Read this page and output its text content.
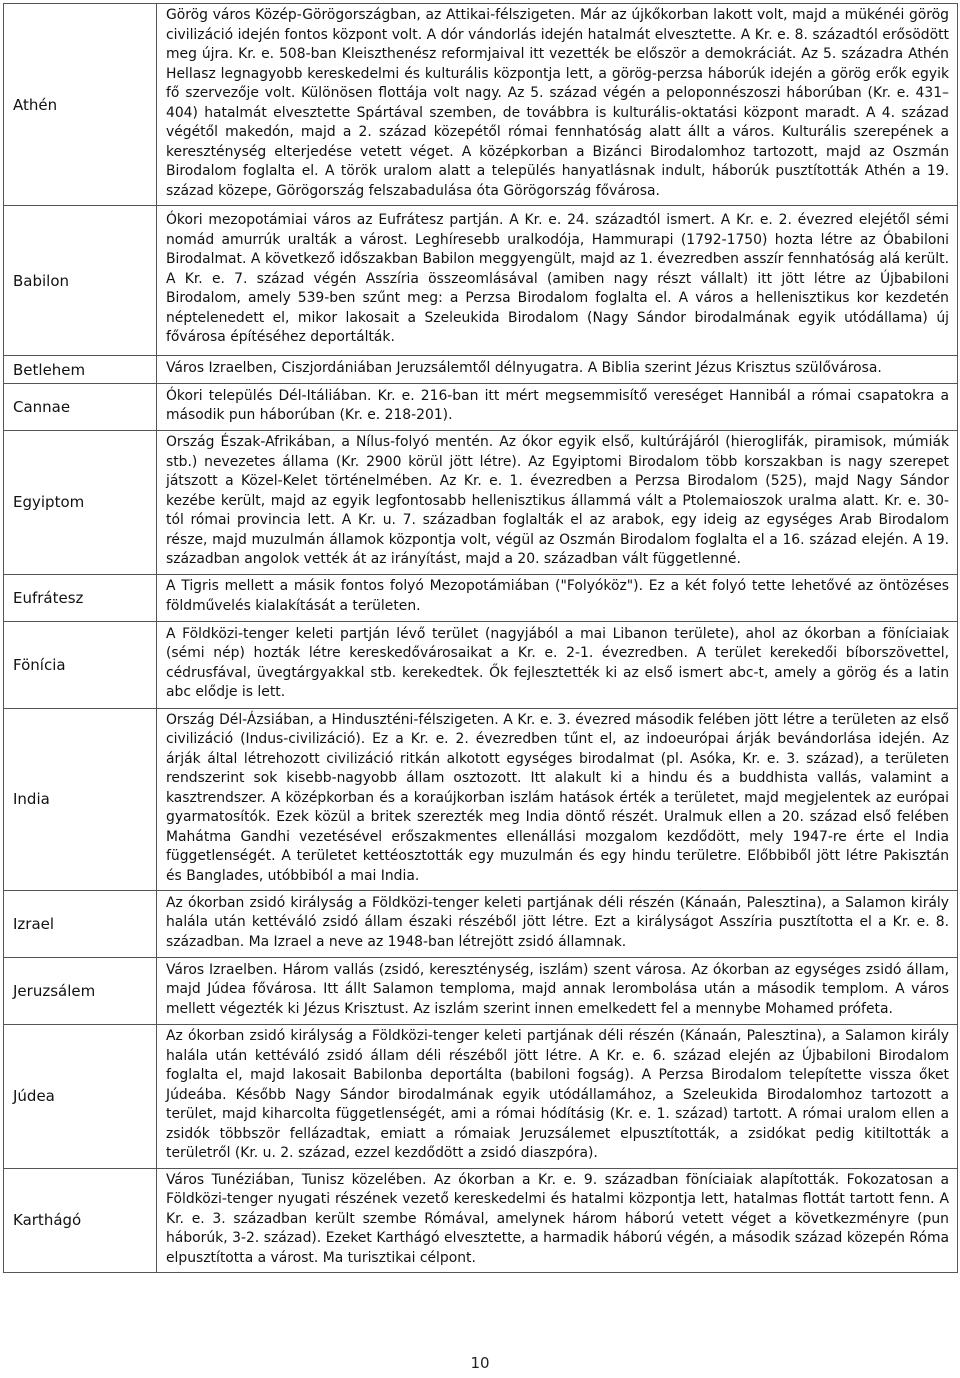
Athén	Görög város Közép-Görögországban, az Attikai-félszigeten. Már az újkőkorban lakott volt, majd a mükénéi görög civilizáció idején fontos központ volt. A dór vándorlás idején hatalmát elvesztette. A Kr. e. 8. századtól erősödött meg újra. Kr. e. 508-ban Kleiszthenész reformjaival itt vezették be először a demokráciát. Az 5. századra Athén Hellasz legnagyobb kereskedelmi és kulturális központja lett, a görög-perzsa háborúk idején a görög erők egyik fő szervezője volt. Különösen flottája volt nagy. Az 5. század végén a peloponnészoszi háborúban (Kr. e. 431–404) hatalmát elvesztette Spártával szemben, de továbbra is kulturális-oktatási központ maradt. A 4. század végétől makedón, majd a 2. század közepétől római fennhatóság alatt állt a város. Kulturális szerepének a kereszténység elterjedése vetett véget. A középkorban a Bizánci Birodalomhoz tartozott, majd az Oszmán Birodalom foglalta el. A török uralom alatt a település hanyatlásnak indult, háborúk pusztították Athén a 19. század közepe, Görögország felszabadulása óta Görögország fővárosa.
Babilon	Ókori mezopotámiai város az Eufrátesz partján. A Kr. e. 24. századtól ismert. A Kr. e. 2. évezred elejétől sémi nomád amurrúk uralták a várost. Leghíresebb uralkodója, Hammurapi (1792-1750) hozta létre az Óbabiloni Birodalmat. A következő időszakban Babilon meggyengült, majd az 1. évezredben asszír fennhatóság alá került. A Kr. e. 7. század végén Asszíria összeomlásával (amiben nagy részt vállalt) itt jött létre az Újbabiloni Birodalom, amely 539-ben szűnt meg: a Perzsa Birodalom foglalta el. A város a hellenisztikus kor kezdetén néptelenedett el, mikor lakosait a Szeleukida Birodalom (Nagy Sándor birodalmának egyik utódállama) új fővárosa építéséhez deportálták.
Betlehem	Város Izraelben, Ciszjordániában Jeruzsálemtől délnyugatra. A Biblia szerint Jézus Krisztus szülővárosa.
Cannae	Ókori település Dél-Itáliában. Kr. e. 216-ban itt mért megsemmisítő vereséget Hannibál a római csapatokra a második pun háborúban (Kr. e. 218-201).
Egyiptom	Ország Észak-Afrikában, a Nílus-folyó mentén. Az ókor egyik első, kultúrájáról (hieroglifák, piramisok, múmiák stb.) nevezetes állama (Kr. 2900 körül jött létre). Az Egyiptomi Birodalom több korszakban is nagy szerepet játszott a Közel-Kelet történelmében. Az Kr. e. 1. évezredben a Perzsa Birodalom (525), majd Nagy Sándor kezébe került, majd az egyik legfontosabb hellenisztikus állammá vált a Ptolemaioszok uralma alatt. Kr. e. 30-tól római provincia lett. A Kr. u. 7. században foglalták el az arabok, egy ideig az egységes Arab Birodalom része, majd muzulmán államok központja volt, végül az Oszmán Birodalom foglalta el a 16. század elején. A 19. században angolok vették át az irányítást, majd a 20. században vált függetlenné.
Eufrátesz	A Tigris mellett a másik fontos folyó Mezopotámiában ("Folyóköz"). Ez a két folyó tette lehetővé az öntözéses földművelés kialakítását a területen.
Fönícia	A Földközi-tenger keleti partján lévő terület (nagyjából a mai Libanon területe), ahol az ókorban a föníciaiak (sémi nép) hozták létre kereskedővárosaikat a Kr. e. 2-1. évezredben. A terület kerekedői bíborszövettel, cédrusfával, üvegtárgyakkal stb. kerekedtek. Ők fejlesztették ki az első ismert abc-t, amely a görög és a latin abc elődje is lett.
India	Ország Dél-Ázsiában, a Hinduszténi-félszigeten. A Kr. e. 3. évezred második felében jött létre a területen az első civilizáció (Indus-civilizáció). Ez a Kr. e. 2. évezredben tűnt el, az indoeurópai árják bevándorlása idején. Az árják által létrehozott civilizáció ritkán alkotott egységes birodalmat (pl. Asóka, Kr. e. 3. század), a területen rendszerint sok kisebb-nagyobb állam osztozott. Itt alakult ki a hindu és a buddhista vallás, valamint a kasztrendszer. A középkorban és a koraújkorban iszlám hatások érték a területet, majd megjelentek az európai gyarmatosítók. Ezek közül a britek szerezték meg India döntő részét. Uralmuk ellen a 20. század első felében Mahátma Gandhi vezetésével erőszakmentes ellenállási mozgalom kezdődött, mely 1947-re érte el India függetlenségét. A területet kettéosztották egy muzulmán és egy hindu területre. Előbbiből jött létre Pakisztán és Banglades, utóbbiból a mai India.
Izrael	Az ókorban zsidó királyság a Földközi-tenger keleti partjának déli részén (Kánaán, Palesztina), a Salamon király halála után kettéváló zsidó állam északi részéből jött létre. Ezt a királyságot Asszíria pusztította el a Kr. e. 8. században. Ma Izrael a neve az 1948-ban létrejött zsidó államnak.
Jeruzsálem	Város Izraelben. Három vallás (zsidó, kereszténység, iszlám) szent városa. Az ókorban az egységes zsidó állam, majd Júdea fővárosa. Itt állt Salamon temploma, majd annak lerombolása után a második templom. A város mellett végezték ki Jézus Krisztust. Az iszlám szerint innen emelkedett fel a mennybe Mohamed prófeta.
Júdea	Az ókorban zsidó királyság a Földközi-tenger keleti partjának déli részén (Kánaán, Palesztina), a Salamon király halála után kettéváló zsidó állam déli részéből jött létre. A Kr. e. 6. század elején az Újbabiloni Birodalom foglalta el, majd lakosait Babilonba deportálta (babiloni fogság). A Perzsa Birodalom telepítette vissza őket Júdeába. Később Nagy Sándor birodalmának egyik utódállamához, a Szeleukida Birodalomhoz tartozott a terület, majd kiharcolta függetlenségét, ami a római hódításig (Kr. e. 1. század) tartott. A római uralom ellen a zsidók többször fellázadtak, emiatt a rómaiak Jeruzsálemet elpusztították, a zsidókat pedig kitiltották a területről (Kr. u. 2. század, ezzel kezdődött a zsidó diaszpóra).
Karthágó	Város Tunéziában, Tunisz közelében. Az ókorban a Kr. e. 9. században föníciaiak alapították. Fokozatosan a Földközi-tenger nyugati részének vezető kereskedelmi és hatalmi központja lett, hatalmas flottát tartott fenn. A Kr. e. 3. században került szembe Rómával, amelynek három háború vetett véget a következményre (pun háborúk, 3-2. század). Ezeket Karthágó elvesztette, a harmadik háború végén, a második század közepén Róma elpusztította a várost. Ma turisztikai célpont.
10
